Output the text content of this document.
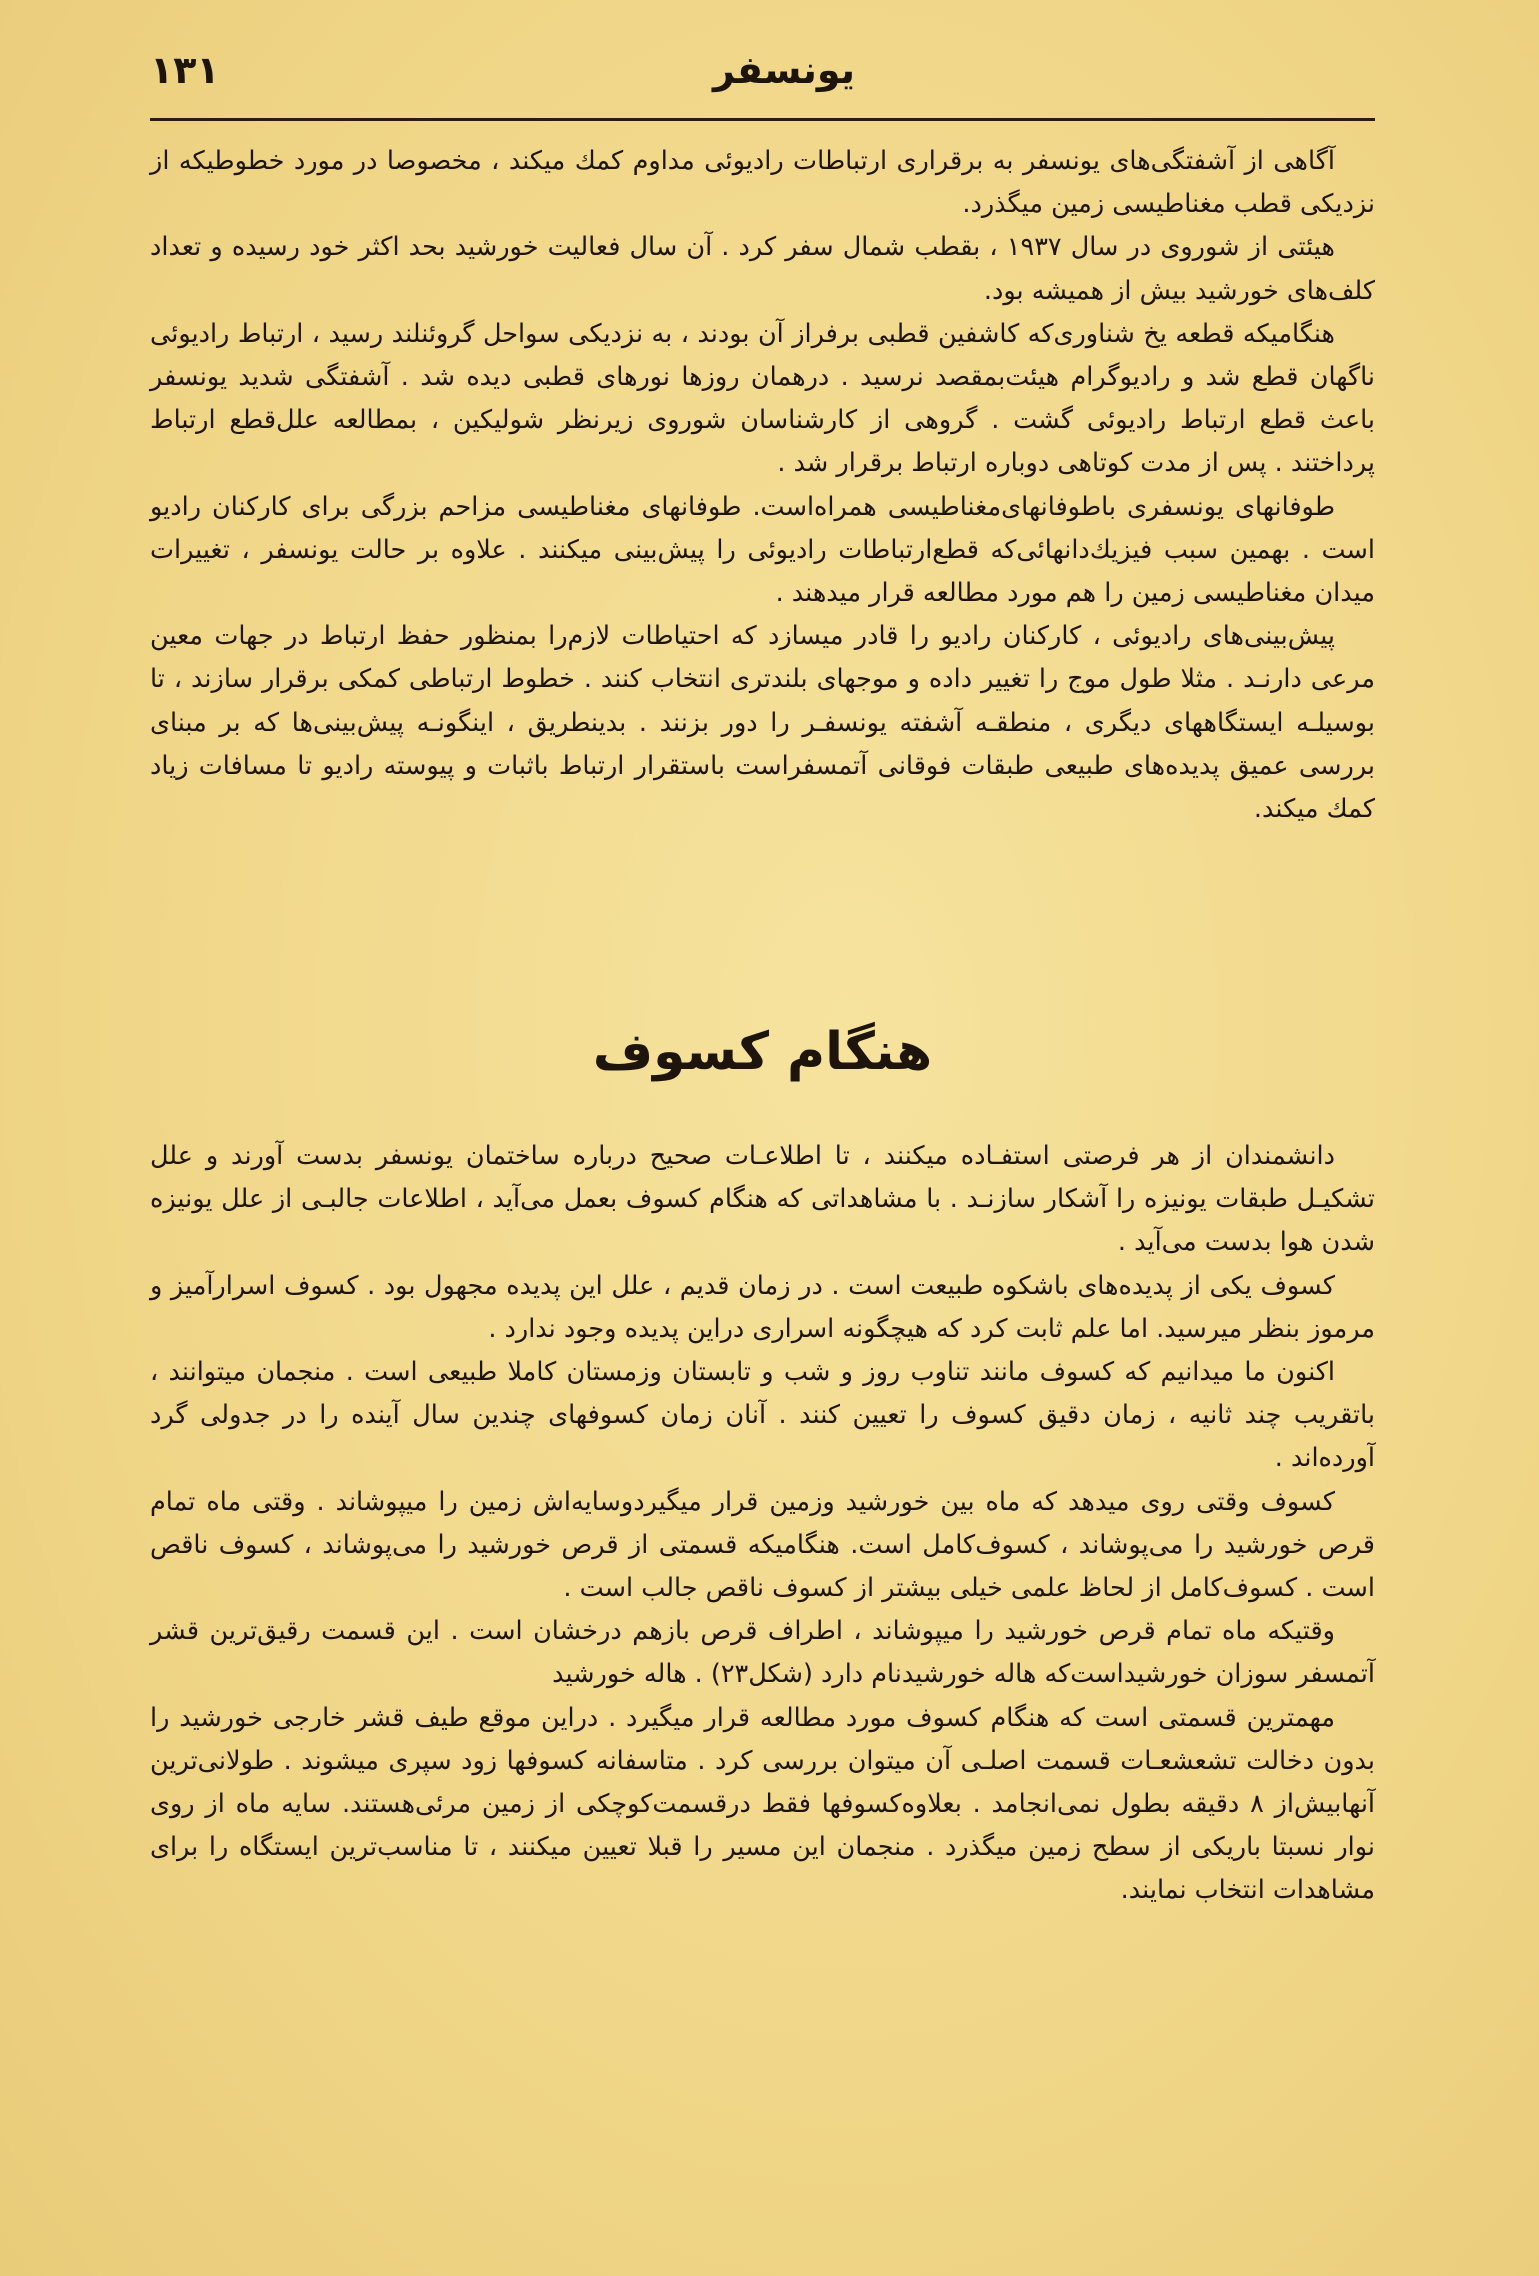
یونسفر
۱۳۱

آگاهی از آشفتگی‌های یونسفر به برقراری ارتباطات رادیوئی مداوم کمك میکند ، مخصوصا در مورد خطوطیکه از نزدیکی قطب مغناطیسی زمین میگذرد.

هیئتی از شوروی در سال ۱۹۳۷ ، بقطب شمال سفر کرد . آن سال فعالیت خورشید بحد اکثر خود رسیده و تعداد کلف‌های خورشید بیش از همیشه بود.

هنگامیکه قطعه یخ شناوری‌که کاشفین قطبی برفراز آن بودند ، به نزدیکی سواحل گروئنلند رسید ، ارتباط رادیوئی ناگهان قطع شد و رادیوگرام هیئت‌بمقصد نرسید . درهمان روزها نورهای قطبی دیده شد . آشفتگی شدید یونسفر باعث قطع ارتباط رادیوئی گشت . گروهی از کارشناسان شوروی زیرنظر شولیکین ، بمطالعه علل‌قطع ارتباط پرداختند . پس از مدت کوتاهی دوباره ارتباط برقرار شد .

طوفانهای یونسفری باطوفانهای‌مغناطیسی همراه‌است. طوفانهای مغناطیسی مزاحم بزرگی برای کارکنان رادیو است . بهمین سبب فیزیك‌دانهائی‌که قطع‌ارتباطات رادیوئی را پیش‌بینی میکنند . علاوه بر حالت یونسفر ، تغییرات میدان مغناطیسی زمین را هم مورد مطالعه قرار میدهند .

پیش‌بینی‌های رادیوئی ، کارکنان رادیو را قادر میسازد که احتیاطات لازم‌را بمنظور حفظ ارتباط در جهات معین مرعی دارنـد . مثلا طول موج را تغییر داده و موجهای بلندتری انتخاب کنند . خطوط ارتباطی کمکی برقرار سازند ، تا بوسیلـه ایستگاههای دیگری ، منطقـه آشفته یونسفـر را دور بزنند . بدینطریق ، اینگونـه پیش‌بینی‌ها که بر مبنای بررسی عمیق پدیده‌های طبیعی طبقات فوقانی آتمسفراست باستقرار ارتباط باثبات و پیوسته رادیو تا مسافات زیاد کمك میکند.

هنگام کسوف

دانشمندان از هر فرصتی استفـاده میکنند ، تا اطلاعـات صحیح درباره ساختمان یونسفر بدست آورند و علل تشکیـل طبقات یونیزه را آشکار سازنـد . با مشاهداتی که هنگام کسوف بعمل می‌آید ، اطلاعات جالبـی از علل یونیزه شدن هوا بدست می‌آید .

کسوف یکی از پدیده‌های باشکوه طبیعت است . در زمان قدیم ، علل این پدیده مجهول بود . کسوف اسرارآمیز و مرموز بنظر میرسید. اما علم ثابت کرد که هیچگونه اسراری دراین پدیده وجود ندارد .

اکنون ما میدانیم که کسوف مانند تناوب روز و شب و تابستان وزمستان کاملا طبیعی است . منجمان میتوانند ، باتقریب چند ثانیه ، زمان دقیق کسوف را تعیین کنند . آنان زمان کسوفهای چندین سال آینده را در جدولی گرد آورده‌اند .

کسوف وقتی روی میدهد که ماه بین خورشید وزمین قرار میگیردوسایه‌اش زمین را میپوشاند . وقتی ماه تمام قرص خورشید را می‌پوشاند ، کسوف‌کامل است. هنگامیکه قسمتی از قرص خورشید را می‌پوشاند ، کسوف ناقص است . کسوف‌کامل از لحاظ علمی خیلی بیشتر از کسوف ناقص جالب است .

وقتیکه ماه تمام قرص خورشید را میپوشاند ، اطراف قرص بازهم درخشان است . این قسمت رقیق‌ترین قشر آتمسفر سوزان خورشیداست‌که هاله خورشیدنام دارد (شکل۲۳) . هاله خورشید

مهمترین قسمتی است که هنگام کسوف مورد مطالعه قرار میگیرد . دراین موقع طیف قشر خارجی خورشید را بدون دخالت تشعشعـات قسمت اصلـی آن میتوان بررسی کرد . متاسفانه کسوفها زود سپری میشوند . طولانی‌ترین آنهابیش‌از ۸ دقیقه بطول نمی‌انجامد . بعلاوه‌کسوفها فقط درقسمت‌کوچکی از زمین مرئی‌هستند. سایه ماه از روی نوار نسبتا باریکی از سطح زمین میگذرد . منجمان این مسیر را قبلا تعیین میکنند ، تا مناسب‌ترین ایستگاه را برای مشاهدات انتخاب نمایند.
